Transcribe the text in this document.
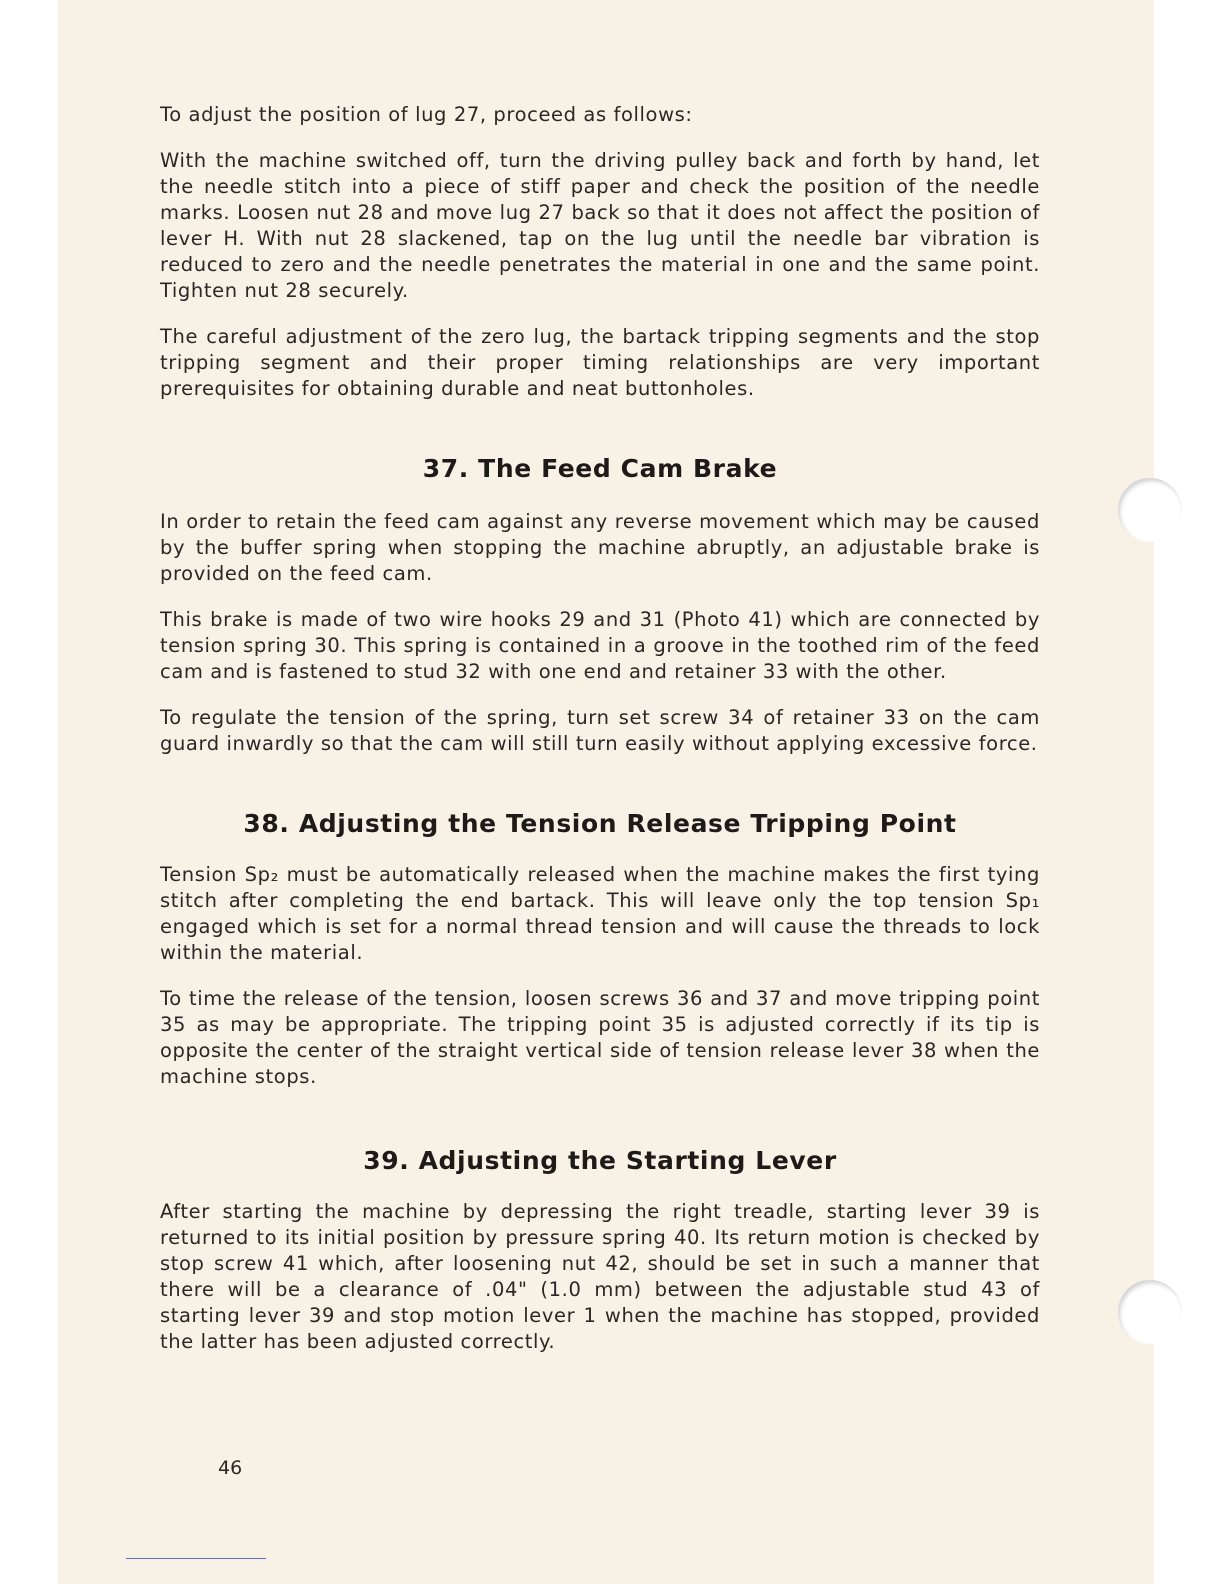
To adjust the position of lug 27, proceed as follows:

With the machine switched off, turn the driving pulley back and forth by hand, let the needle stitch into a piece of stiff paper and check the position of the needle marks. Loosen nut 28 and move lug 27 back so that it does not affect the position of lever H. With nut 28 slackened, tap on the lug until the needle bar vibration is reduced to zero and the needle penetrates the material in one and the same point. Tighten nut 28 securely.

The careful adjustment of the zero lug, the bartack tripping segments and the stop tripping segment and their proper timing relationships are very important prerequisites for obtaining durable and neat buttonholes.

37. The Feed Cam Brake

In order to retain the feed cam against any reverse movement which may be caused by the buffer spring when stopping the machine abruptly, an adjustable brake is provided on the feed cam.

This brake is made of two wire hooks 29 and 31 (Photo 41) which are connected by tension spring 30. This spring is contained in a groove in the toothed rim of the feed cam and is fastened to stud 32 with one end and retainer 33 with the other.

To regulate the tension of the spring, turn set screw 34 of retainer 33 on the cam guard inwardly so that the cam will still turn easily without applying excessive force.

38. Adjusting the Tension Release Tripping Point

Tension Sp₂ must be automatically released when the machine makes the first tying stitch after completing the end bartack. This will leave only the top tension Sp₁ engaged which is set for a normal thread tension and will cause the threads to lock within the material.

To time the release of the tension, loosen screws 36 and 37 and move tripping point 35 as may be appropriate. The tripping point 35 is adjusted correctly if its tip is opposite the center of the straight vertical side of tension release lever 38 when the machine stops.

39. Adjusting the Starting Lever

After starting the machine by depressing the right treadle, starting lever 39 is returned to its initial position by pressure spring 40. Its return motion is checked by stop screw 41 which, after loosening nut 42, should be set in such a manner that there will be a clearance of .04" (1.0 mm) between the adjustable stud 43 of starting lever 39 and stop motion lever 1 when the machine has stopped, provided the latter has been adjusted correctly.

46
